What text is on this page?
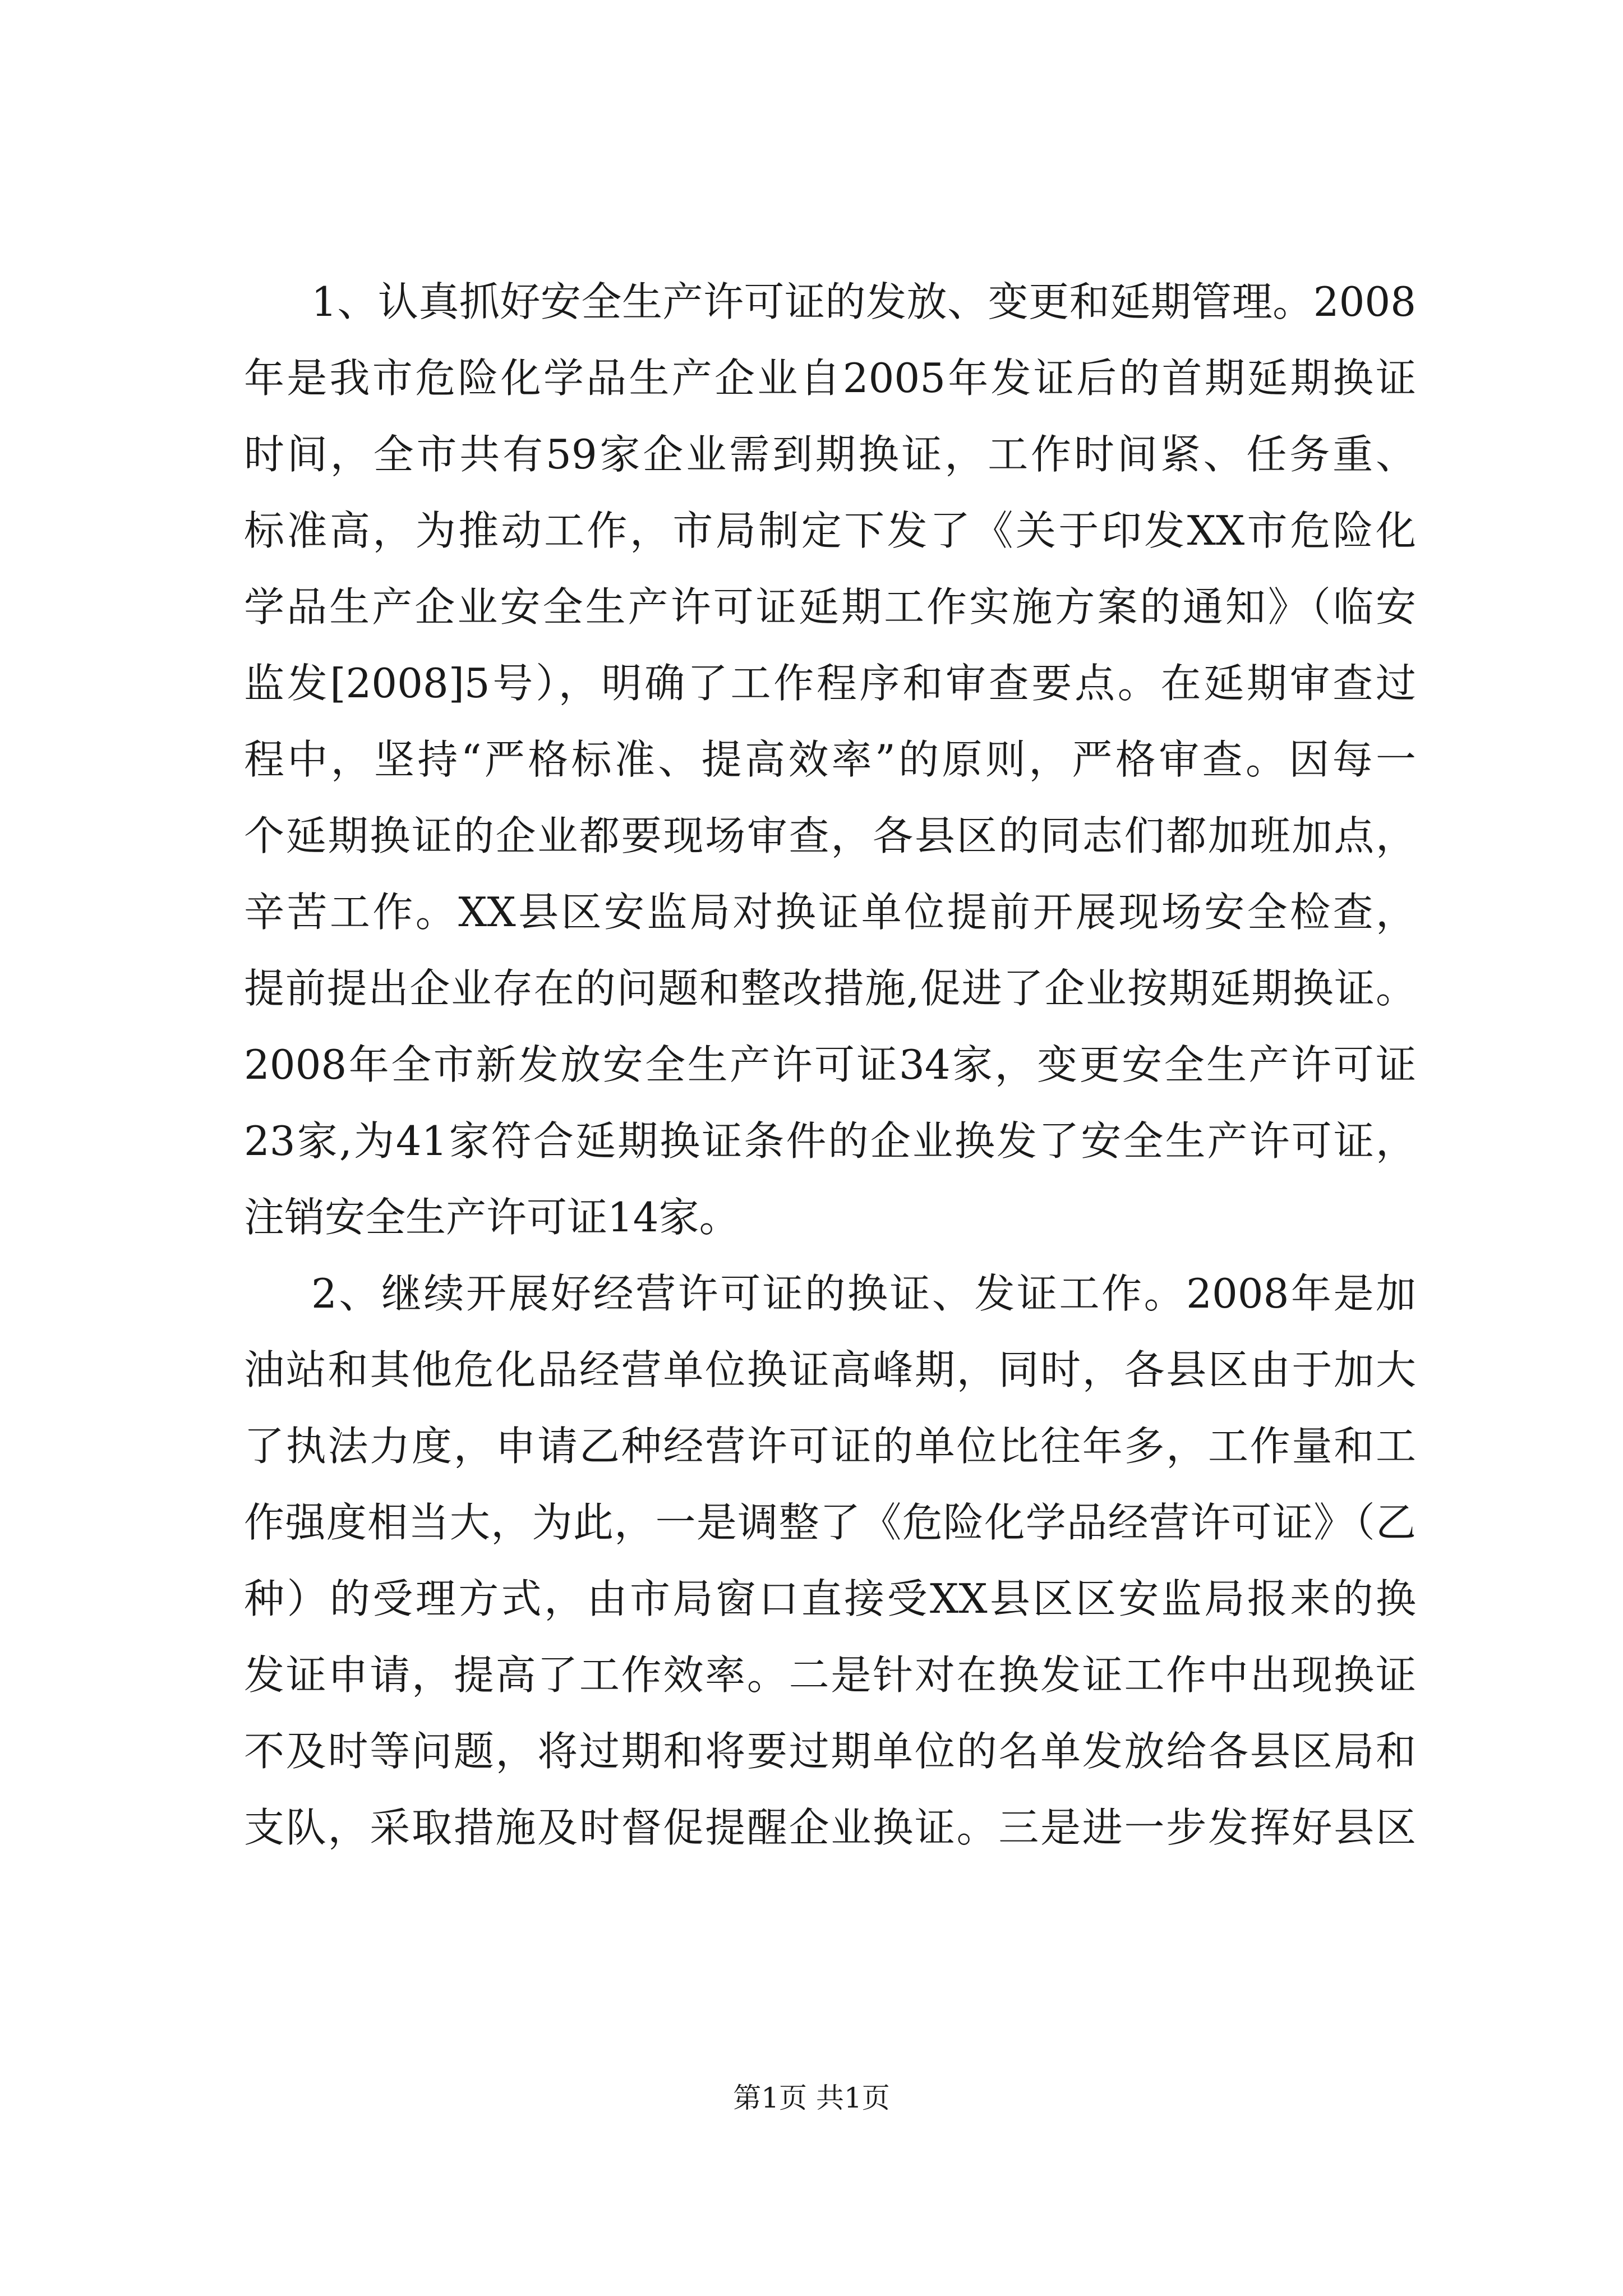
1、认真抓好安全生产许可证的发放、变更和延期管理。2008
年是我市危险化学品生产企业自2005年发证后的首期延期换证
时间，全市共有59家企业需到期换证，工作时间紧、任务重、
标准高，为推动工作，市局制定下发了《关于印发XX市危险化
学品生产企业安全生产许可证延期工作实施方案的通知》（临安
监发[2008]5号），明确了工作程序和审查要点。在延期审查过
程中，坚持“严格标准、提高效率”的原则，严格审查。因每一
个延期换证的企业都要现场审查，各县区的同志们都加班加点，
辛苦工作。XX县区安监局对换证单位提前开展现场安全检查，
提前提出企业存在的问题和整改措施,促进了企业按期延期换证。
2008年全市新发放安全生产许可证34家，变更安全生产许可证
23家,为41家符合延期换证条件的企业换发了安全生产许可证，
注销安全生产许可证14家。
2、继续开展好经营许可证的换证、发证工作。2008年是加
油站和其他危化品经营单位换证高峰期，同时，各县区由于加大
了执法力度，申请乙种经营许可证的单位比往年多，工作量和工
作强度相当大，为此，一是调整了《危险化学品经营许可证》（乙
种）的受理方式，由市局窗口直接受XX县区区安监局报来的换
发证申请，提高了工作效率。二是针对在换发证工作中出现换证
不及时等问题，将过期和将要过期单位的名单发放给各县区局和
支队，采取措施及时督促提醒企业换证。三是进一步发挥好县区
第1页 共1页
